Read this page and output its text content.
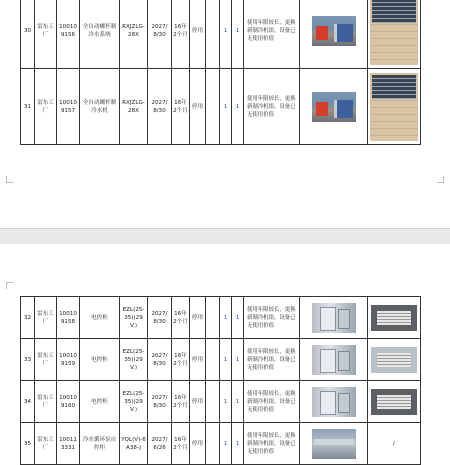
30	雷东工厂	100109156	全自动螺杆制冷水系统	RXJZLG-28X	2027/8/30	16年2个月	停用		1	1	使用年限较长，更换新制冷机组，设备已无使用价值	

31	雷东工厂	100109157	全自动螺杆制冷水机	RXJZLG-28X	2027/8/30	16年2个月	停用		1	1	使用年限较长，更换新制冷机组，设备已无使用价值	

32	雷东工厂	100109158	电控柜	EZL(25-35)(29V.)	2027/8/30	16年2个月	停用		1	1	使用年限较长，更换新制冷机组，设备已无使用价值	

33	雷东工厂	100109159	电控柜	EZL(25-35)(29V.)	2027/8/30	16年2个月	停用		1	1	使用年限较长，更换新制冷机组，设备已无使用价值	

34	雷东工厂	100109160	电控柜	EZL(25-35)(29V.)	2027/8/30	16年2个月	停用		1	1	使用年限较长，更换新制冷机组，设备已无使用价值	

35	雷东工厂	100113331	冷水循环泵自控柜	YQL(V)-6A38-J	2027/6/26	16年2个月	停用		1	1	使用年限较长，更换新制冷机组，设备已无使用价值		/
